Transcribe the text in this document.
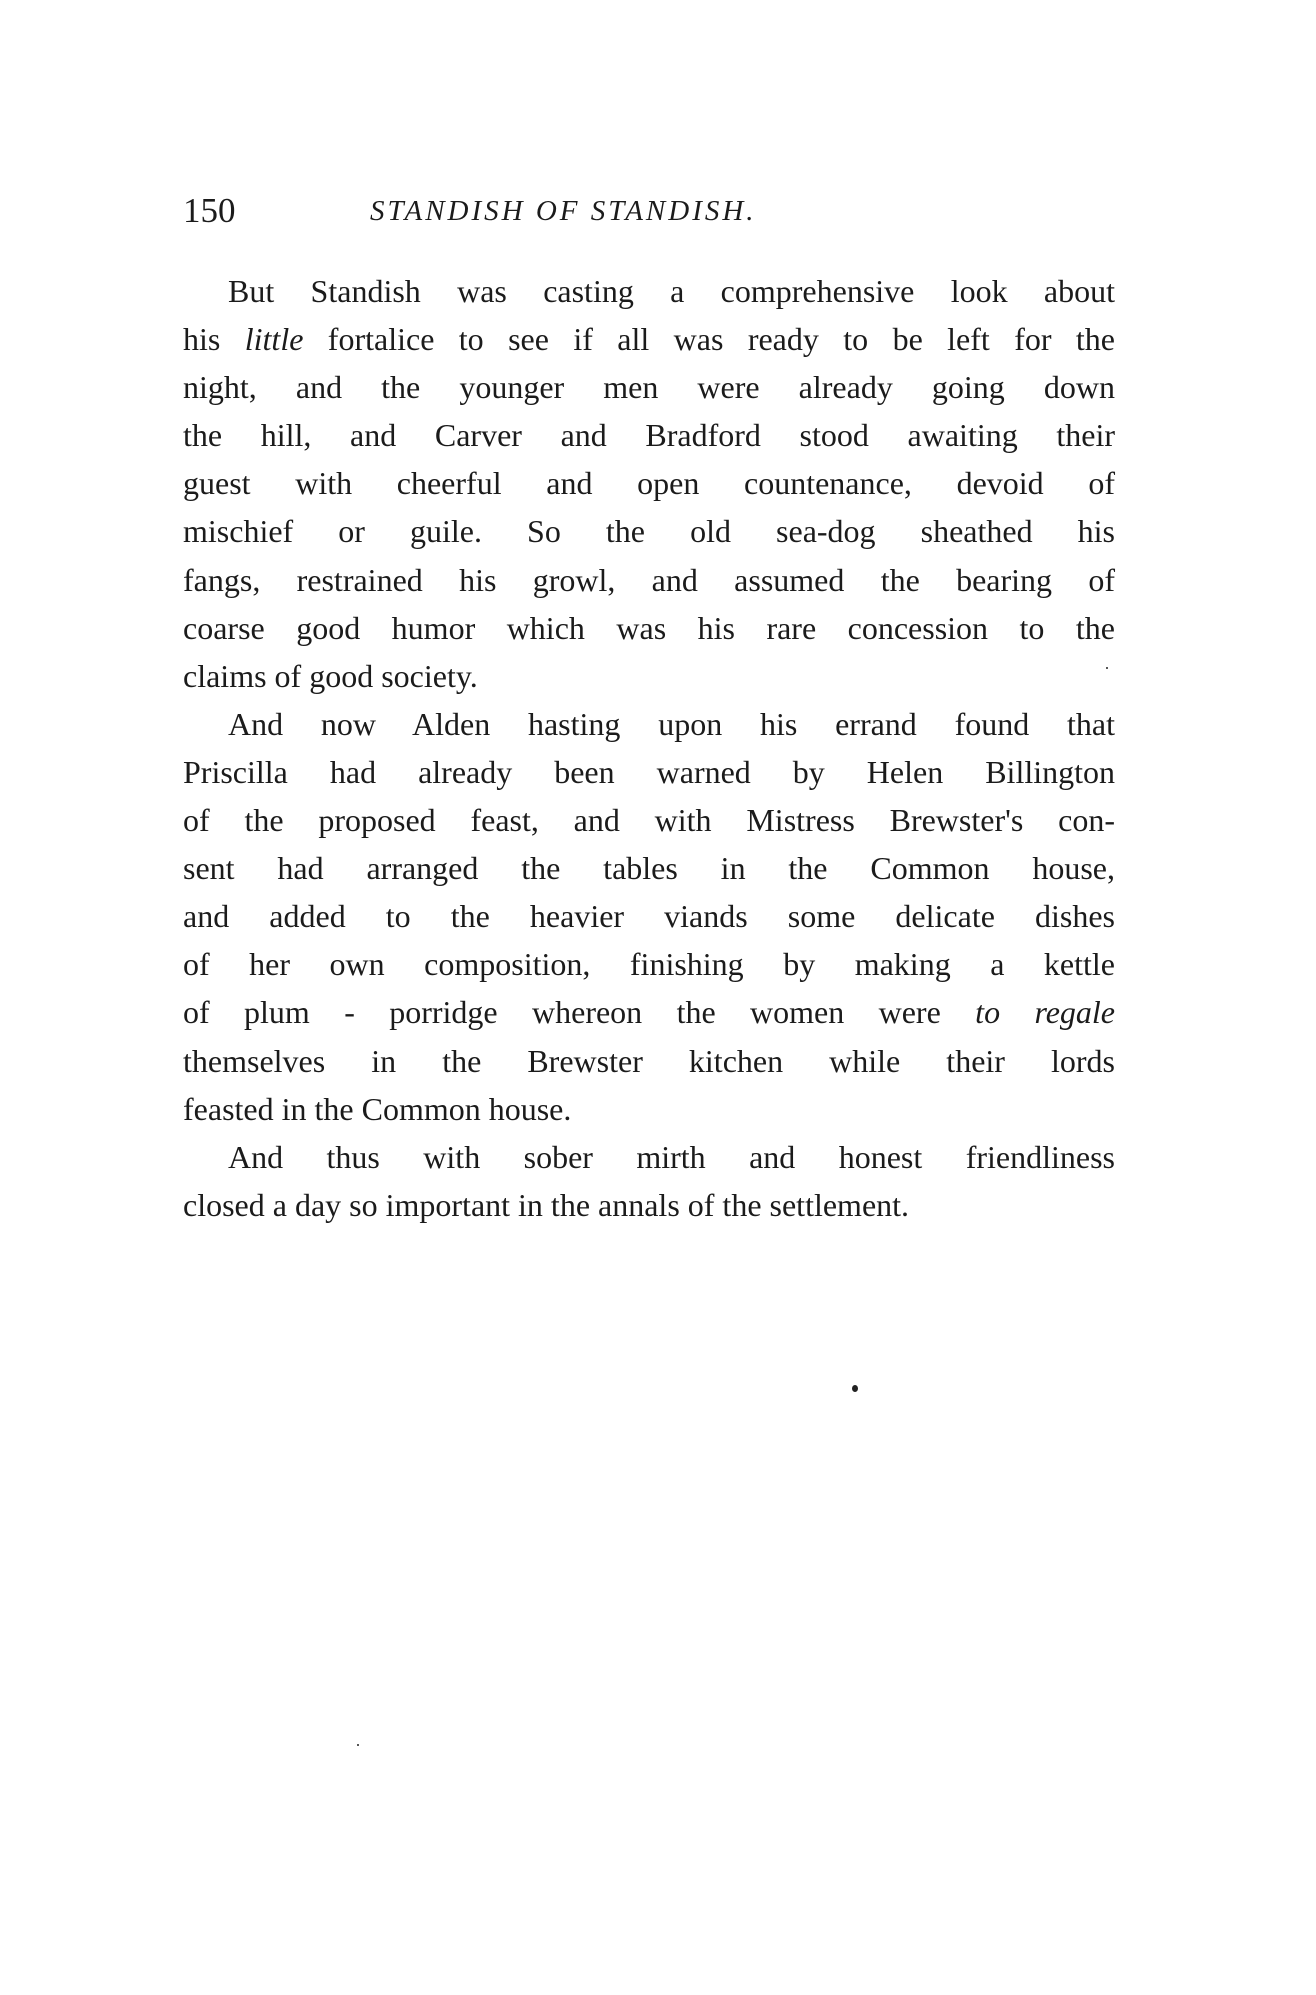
150	STANDISH OF STANDISH.
But Standish was casting a comprehensive look about
his little fortalice to see if all was ready to be left for the
night, and the younger men were already going down
the hill, and Carver and Bradford stood awaiting their
guest with cheerful and open countenance, devoid of
mischief or guile. So the old sea-dog sheathed his
fangs, restrained his growl, and assumed the bearing of
coarse good humor which was his rare concession to the
claims of good society.
And now Alden hasting upon his errand found that
Priscilla had already been warned by Helen Billington
of the proposed feast, and with Mistress Brewster's con-
sent had arranged the tables in the Common house,
and added to the heavier viands some delicate dishes
of her own composition, finishing by making a kettle
of plum - porridge whereon the women were to regale
themselves in the Brewster kitchen while their lords
feasted in the Common house.
And thus with sober mirth and honest friendliness
closed a day so important in the annals of the settlement.
